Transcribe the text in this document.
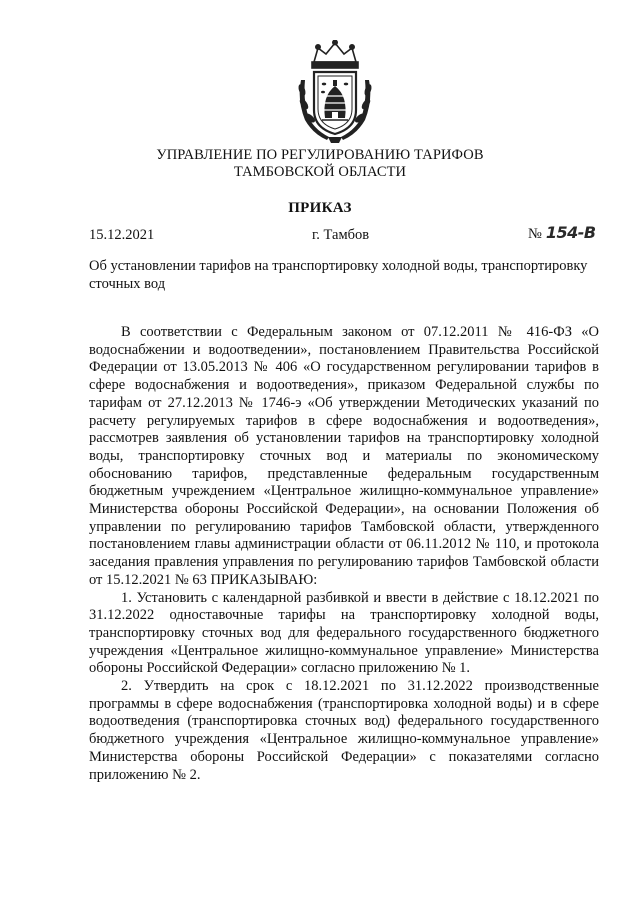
УПРАВЛЕНИЕ ПО РЕГУЛИРОВАНИЮ ТАРИФОВ
ТАМБОВСКОЙ ОБЛАСТИ
ПРИКАЗ
15.12.2021	г. Тамбов	№ 154-В
Об установлении тарифов на транспортировку холодной воды, транспортировку сточных вод

В соответствии с Федеральным законом от 07.12.2011 № 416-ФЗ «О водоснабжении и водоотведении», постановлением Правительства Российской Федерации от 13.05.2013 № 406 «О государственном регулировании тарифов в сфере водоснабжения и водоотведения», приказом Федеральной службы по тарифам от 27.12.2013 № 1746-э «Об утверждении Методических указаний по расчету регулируемых тарифов в сфере водоснабжения и водоотведения», рассмотрев заявления об установлении тарифов на транспортировку холодной воды, транспортировку сточных вод и материалы по экономическому обоснованию тарифов, представленные федеральным государственным бюджетным учреждением «Центральное жилищно-коммунальное управление» Министерства обороны Российской Федерации», на основании Положения об управлении по регулированию тарифов Тамбовской области, утвержденного постановлением главы администрации области от 06.11.2012 № 110, и протокола заседания правления управления по регулированию тарифов Тамбовской области от 15.12.2021 № 63 ПРИКАЗЫВАЮ:

1. Установить с календарной разбивкой и ввести в действие с 18.12.2021 по 31.12.2022 одноставочные тарифы на транспортировку холодной воды, транспортировку сточных вод для федерального государственного бюджетного учреждения «Центральное жилищно-коммунальное управление» Министерства обороны Российской Федерации» согласно приложению № 1.

2. Утвердить на срок с 18.12.2021 по 31.12.2022 производственные программы в сфере водоснабжения (транспортировка холодной воды) и в сфере водоотведения (транспортировка сточных вод) федерального государственного бюджетного учреждения «Центральное жилищно-коммунальное управление» Министерства обороны Российской Федерации» с показателями согласно приложению № 2.
